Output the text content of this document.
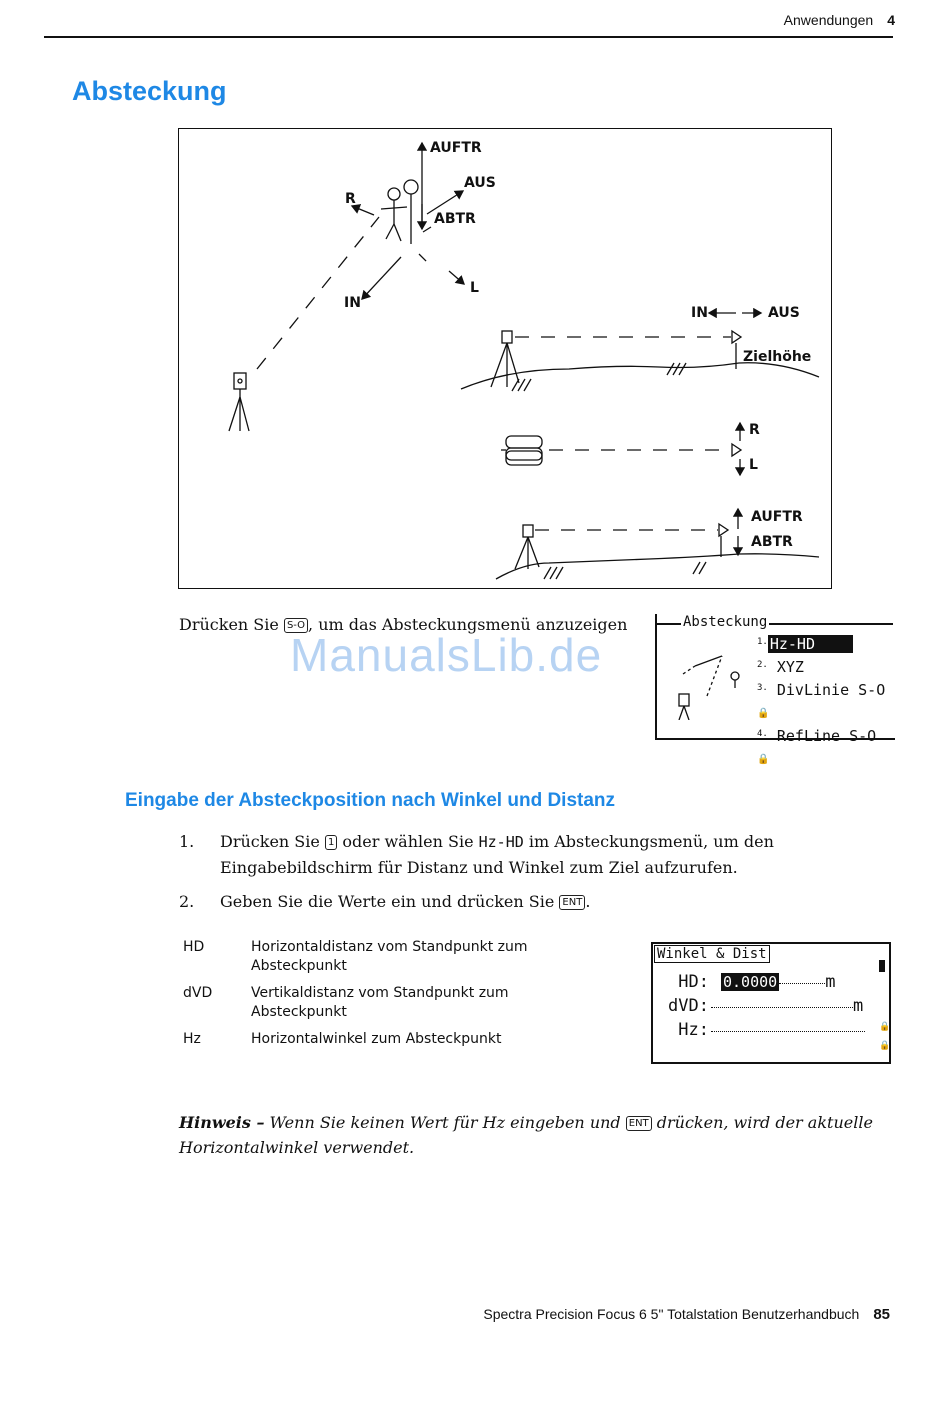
Anwendungen 4
Absteckung
AUFTR
AUS
R
ABTR
IN
L
IN	AUS
Zielhöhe
R
L
AUFTR
ABTR
Drücken Sie S-O , um das Absteckungsmenü anzuzeigen
ManualsLib.de
Absteckung
$^{1.}$ Hz-HD
$^{2.}$ XYZ
$^{3.}$ DivLinie S-O 🔒
$^{4.}$ RefLine S-O 🔒
Eingabe der Absteckposition nach Winkel und Distanz
1. Drücken Sie 1 oder wählen Sie Hz-HD im Absteckungsmenü, um den
Eingabebildschirm für Distanz und Winkel zum Ziel aufzurufen.
2. Geben Sie die Werte ein und drücken Sie ENT .
HD	Horizontaldistanz vom Standpunkt zum Absteckpunkt
dVD	Vertikaldistanz vom Standpunkt zum Absteckpunkt
Hz	Horizontalwinkel zum Absteckpunkt
Winkel & Dist
HD: 0.0000	m
dVD:	m
Hz:	🔒
🔒
Hinweis – Wenn Sie keinen Wert für Hz eingeben und ENT drücken, wird der aktuelle
Horizontalwinkel verwendet.
Spectra Precision Focus 6 5" Totalstation Benutzerhandbuch 85
